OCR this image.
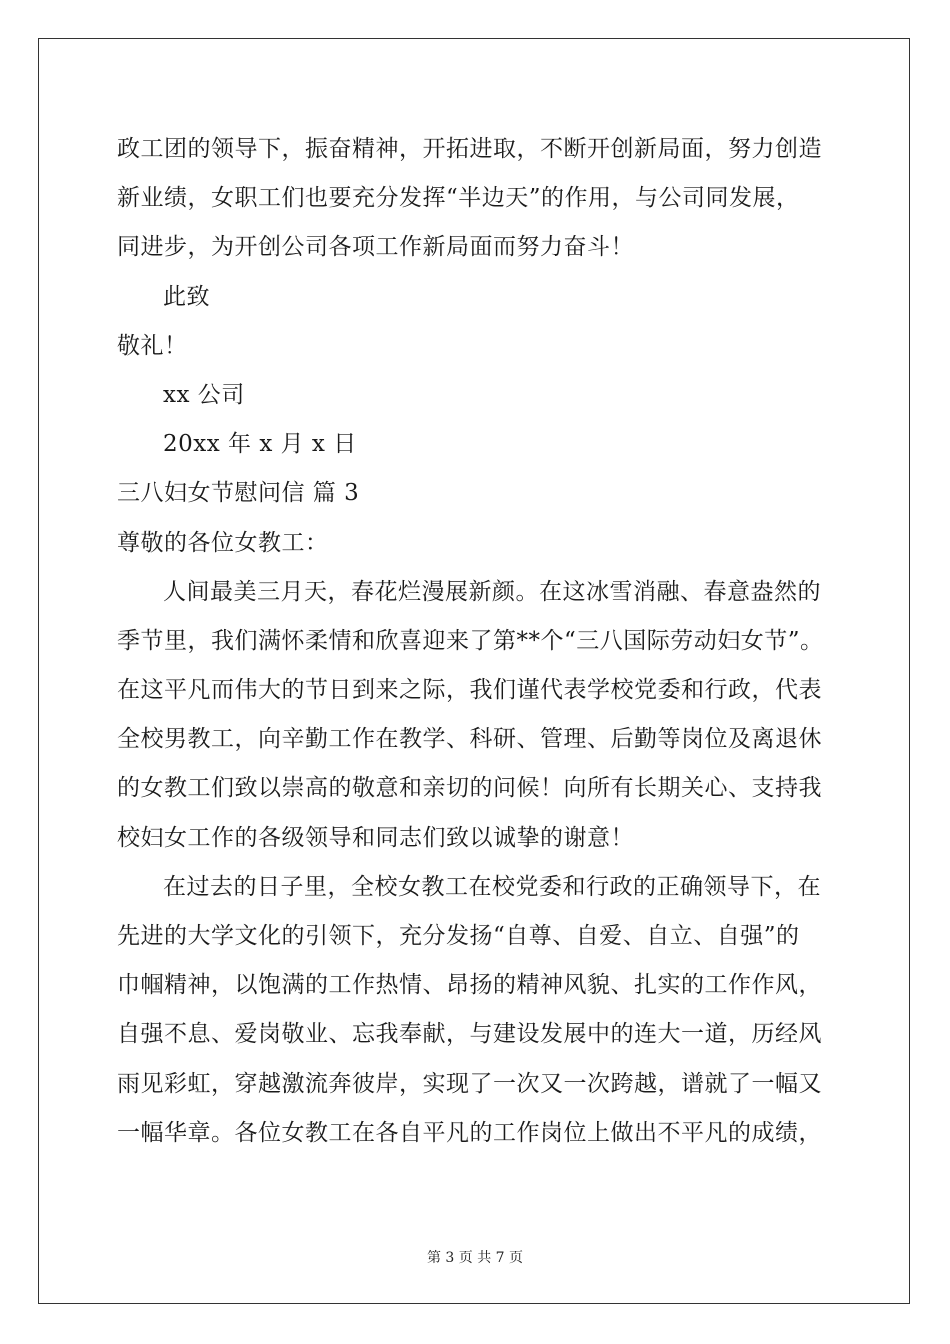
政工团的领导下，振奋精神，开拓进取，不断开创新局面，努力创造
新业绩，女职工们也要充分发挥“半边天”的作用，与公司同发展，
同进步，为开创公司各项工作新局面而努力奋斗！
此致
敬礼！
xx 公司
20xx 年 x 月 x 日
三八妇女节慰问信 篇 3
尊敬的各位女教工：
人间最美三月天，春花烂漫展新颜。在这冰雪消融、春意盎然的
季节里，我们满怀柔情和欣喜迎来了第**个“三八国际劳动妇女节”。
在这平凡而伟大的节日到来之际，我们谨代表学校党委和行政，代表
全校男教工，向辛勤工作在教学、科研、管理、后勤等岗位及离退休
的女教工们致以崇高的敬意和亲切的问候！向所有长期关心、支持我
校妇女工作的各级领导和同志们致以诚挚的谢意！
在过去的日子里，全校女教工在校党委和行政的正确领导下，在
先进的大学文化的引领下，充分发扬“自尊、自爱、自立、自强”的
巾帼精神，以饱满的工作热情、昂扬的精神风貌、扎实的工作作风，
自强不息、爱岗敬业、忘我奉献，与建设发展中的连大一道，历经风
雨见彩虹，穿越激流奔彼岸，实现了一次又一次跨越，谱就了一幅又
一幅华章。各位女教工在各自平凡的工作岗位上做出不平凡的成绩，
第 3 页 共 7 页
